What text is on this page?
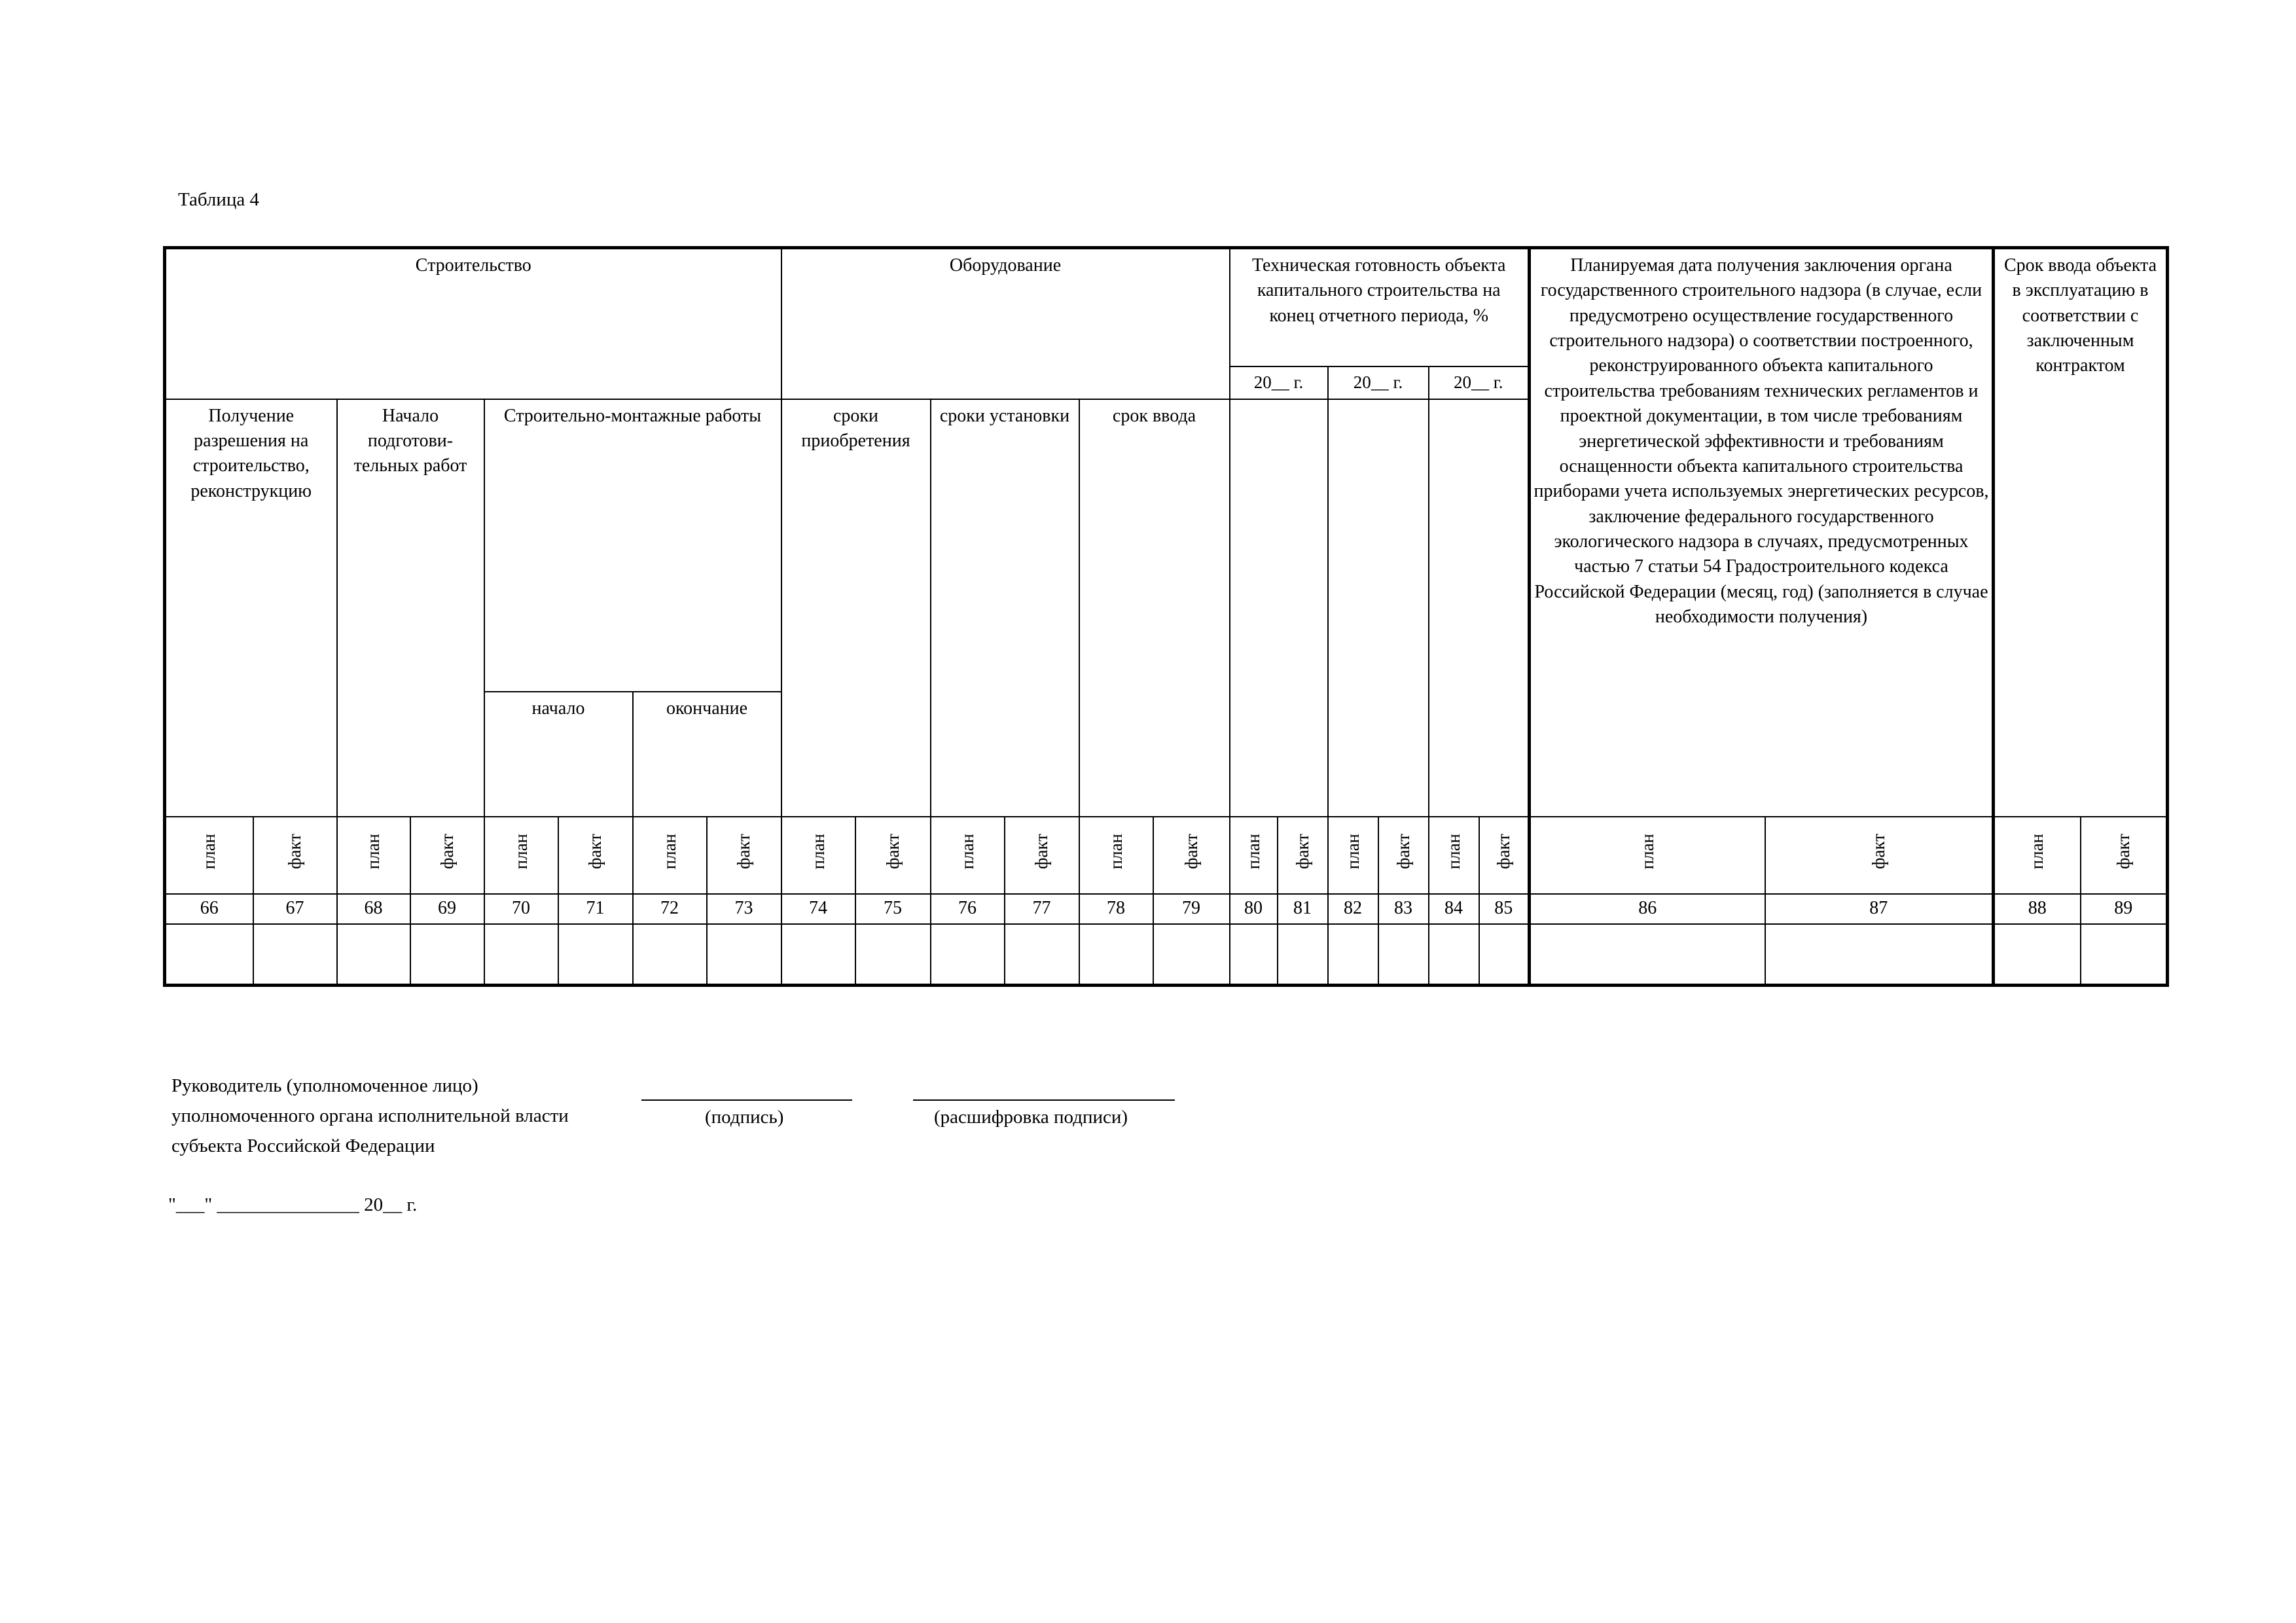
Таблица 4
Строительство								Оборудование						Техническая готовность объекта капитального строительства на конец отчетного периода, %						Планируемая дата получения заключения органа государственного строительного надзора (в случае, если предусмотрено осуществление государственного строительного надзора) о соответствии построенного, реконструированного объекта капитального строительства требованиям технических регламентов и проектной документации, в том числе требованиям энергетической эффективности и требованиям оснащенности объекта капитального строительства приборами учета используемых энергетических ресурсов, заключение федерального государственного экологического надзора в случаях, предусмотренных частью 7 статьи 54 Градостроительного кодекса Российской Федерации (месяц, год) (заполняется в случае необходимости получения)		Срок ввода объекта в эксплуатацию в соответствии с заключенным контрактом	
														20__ г.		20__ г.		20__ г.					
Получение разрешения на строительство, реконструкцию		Начало подготови- тельных работ		Строительно-монтажные работы				сроки приобретения		сроки установки		срок ввода											
				начало		окончание																	
план	факт	план	факт	план	факт	план	факт	план	факт	план	факт	план	факт	план	факт	план	факт	план	факт	план	факт	план	факт
66	67	68	69	70	71	72	73	74	75	76	77	78	79	80	81	82	83	84	85	86	87	88	89

Руководитель (уполномоченное лицо)
уполномоченного органа исполнительной власти
субъекта Российской Федерации
(подпись)	(расшифровка подписи)
"___" _______________ 20__ г.
